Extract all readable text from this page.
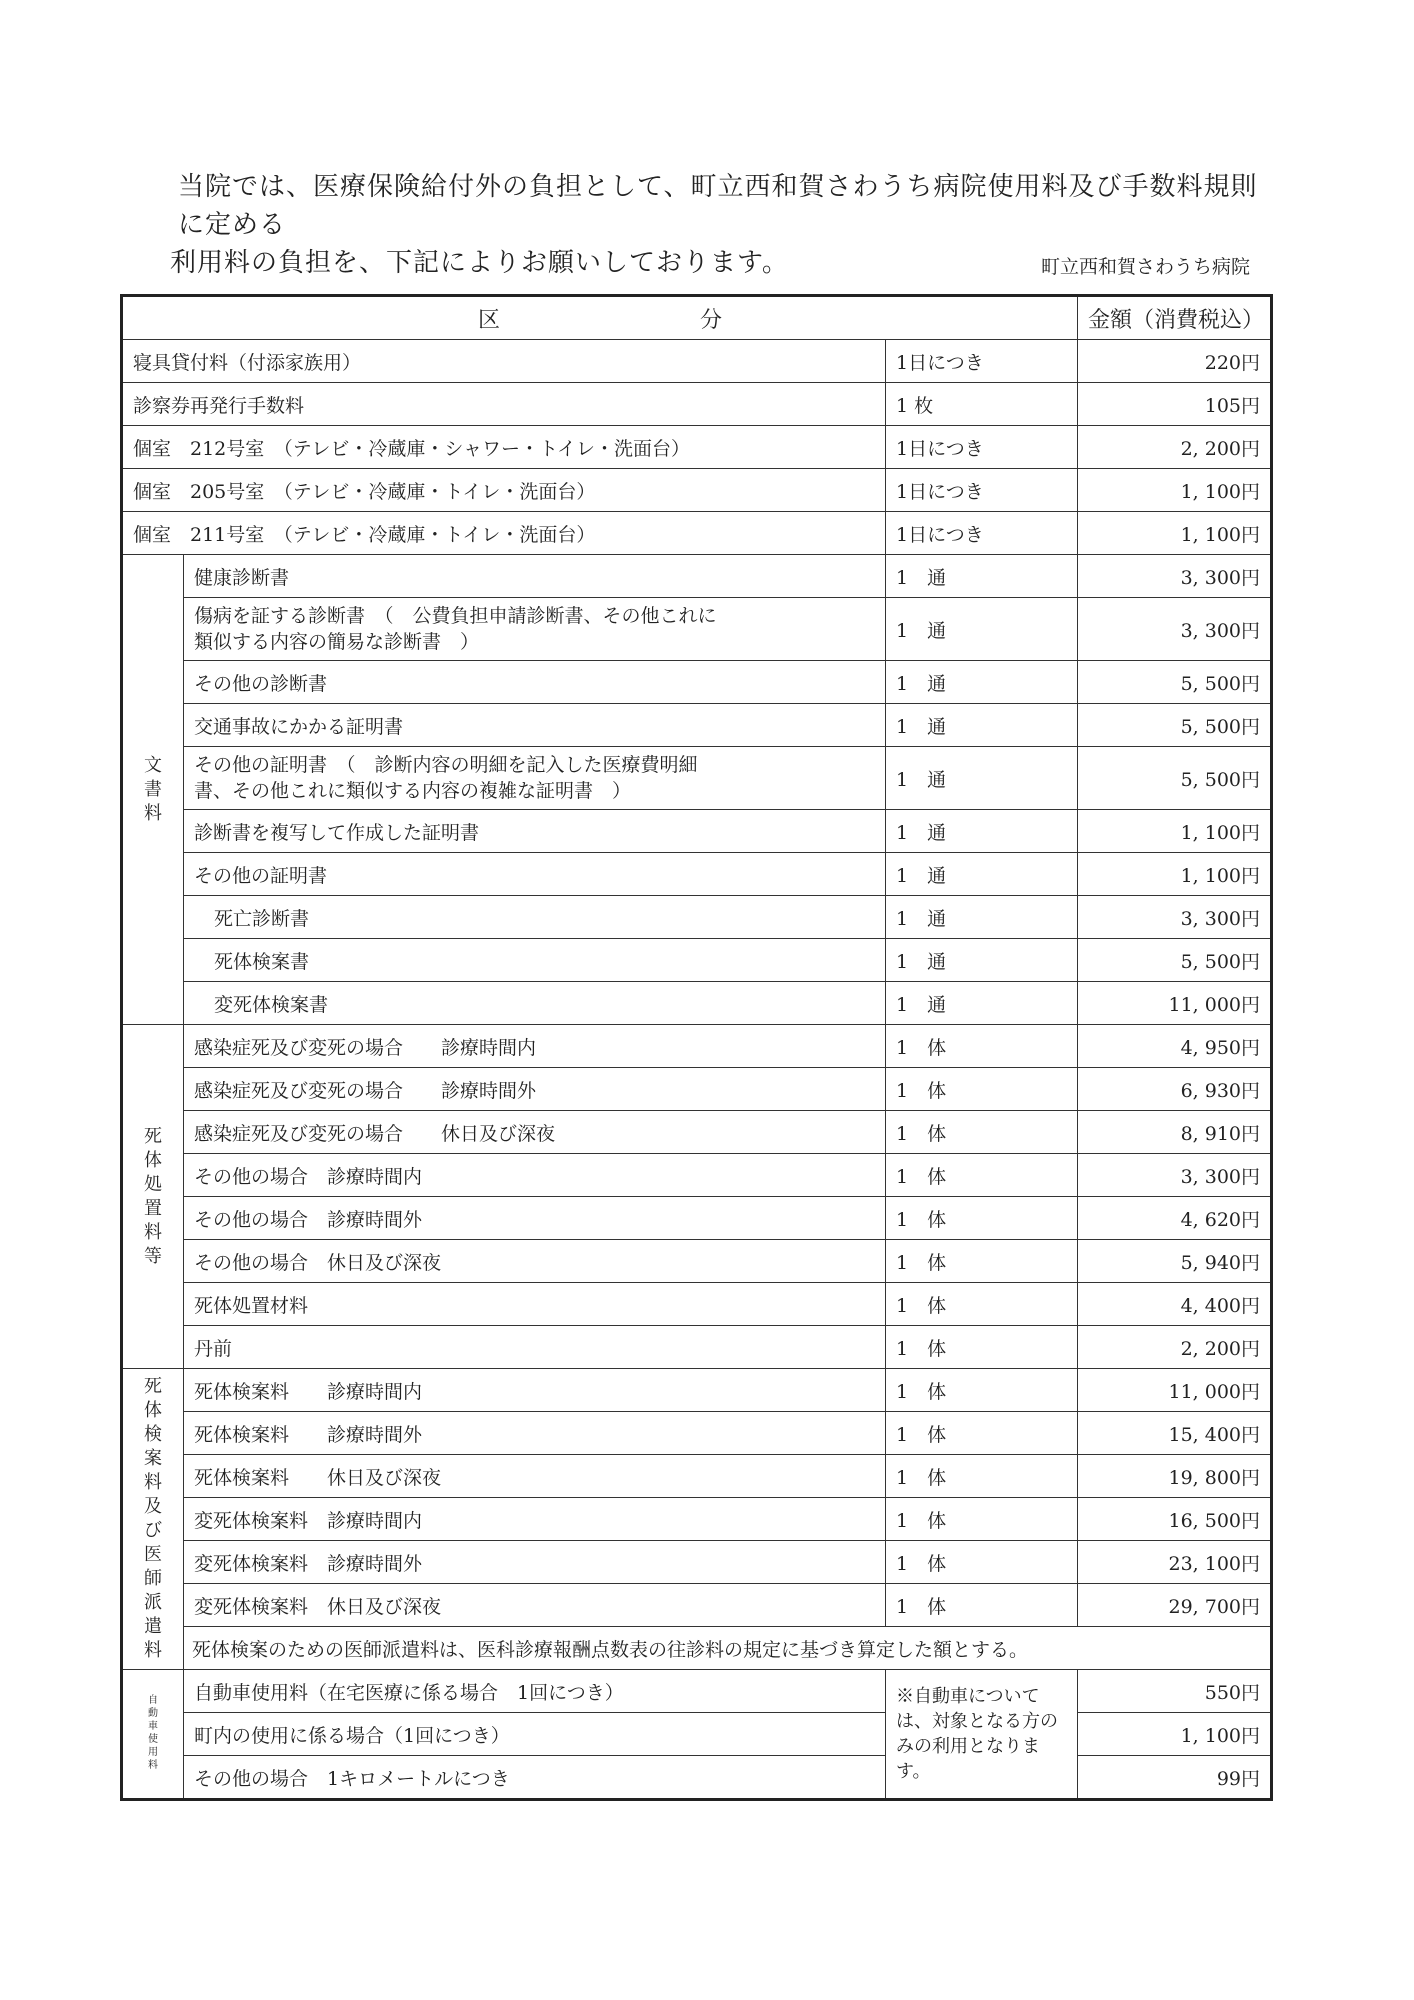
当院では、医療保険給付外の負担として、町立西和賀さわうち病院使用料及び手数料規則に定める

利用料の負担を、下記によりお願いしております。	町立西和賀さわうち病院
区 分			金額（消費税込）
寝具貸付料（付添家族用）		1日につき	220円
診察券再発行手数料		1 枚	105円
個室　212号室　（テレビ・冷蔵庫・シャワー・トイレ・洗面台）		1日につき	2, 200円
個室　205号室　（テレビ・冷蔵庫・トイレ・洗面台）		1日につき	1, 100円
個室　211号室　（テレビ・冷蔵庫・トイレ・洗面台）		1日につき	1, 100円
文書料	健康診断書	1　通	3, 300円
	傷病を証する診断書　（　公費負担申請診断書、その他これに
類似する内容の簡易な診断書　）	1　通	3, 300円
	その他の診断書	1　通	5, 500円
	交通事故にかかる証明書	1　通	5, 500円
	その他の証明書　（　診断内容の明細を記入した医療費明細
書、その他これに類似する内容の複雑な証明書　）	1　通	5, 500円
	診断書を複写して作成した証明書	1　通	1, 100円
	その他の証明書	1　通	1, 100円
	死亡診断書	1　通	3, 300円
	死体検案書	1　通	5, 500円
	変死体検案書	1　通	11, 000円
死体処置料等	感染症死及び変死の場合　　診療時間内	1　体	4, 950円
	感染症死及び変死の場合　　診療時間外	1　体	6, 930円
	感染症死及び変死の場合　　休日及び深夜	1　体	8, 910円
	その他の場合　診療時間内	1　体	3, 300円
	その他の場合　診療時間外	1　体	4, 620円
	その他の場合　休日及び深夜	1　体	5, 940円
	死体処置材料	1　体	4, 400円
	丹前	1　体	2, 200円
死体検案料及び医師派遣料	死体検案料　　診療時間内	1　体	11, 000円
	死体検案料　　診療時間外	1　体	15, 400円
	死体検案料　　休日及び深夜	1　体	19, 800円
	変死体検案料　診療時間内	1　体	16, 500円
	変死体検案料　診療時間外	1　体	23, 100円
	変死体検案料　休日及び深夜	1　体	29, 700円
	死体検案のための医師派遣料は、医科診療報酬点数表の往診料の規定に基づき算定した額とする。		
自動車使用料	自動車使用料（在宅医療に係る場合　1回につき）	※自動車については、対象となる方のみの利用となります。	550円
	町内の使用に係る場合（1回につき）		1, 100円
	その他の場合　1キロメートルにつき		99円
